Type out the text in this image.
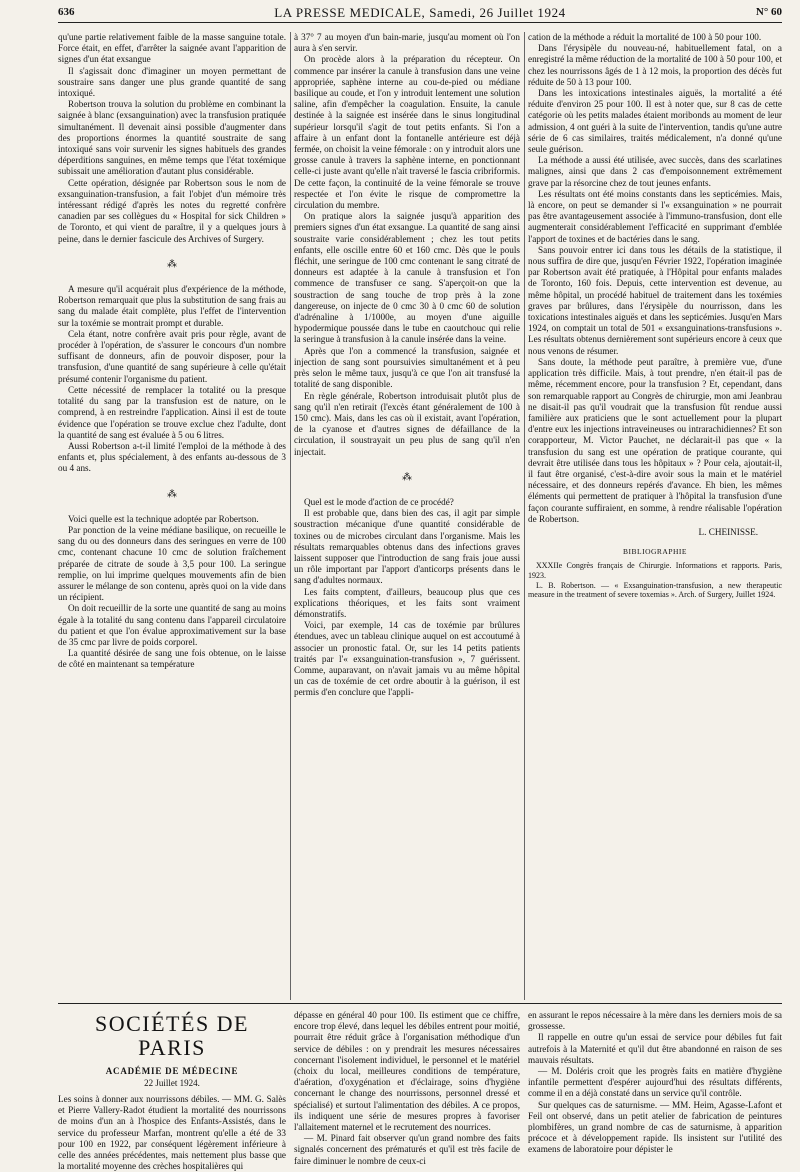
636	LA PRESSE MEDICALE, Samedi, 26 Juillet 1924	N° 60

qu'une partie relativement faible de la masse sanguine totale. Force était, en effet, d'arrêter la saignée avant l'apparition de signes d'un état exsangue

Il s'agissait donc d'imaginer un moyen permettant de soustraire sans danger une plus grande quantité de sang intoxiqué.

Robertson trouva la solution du problème en combinant la saignée à blanc (exsanguination) avec la transfusion pratiquée simultanément. Il devenait ainsi possible d'augmenter dans des proportions énormes la quantité soustraite de sang intoxiqué sans voir survenir les signes habituels des grandes déperditions sanguines, en même temps que l'état toxémique subissait une amélioration d'autant plus considérable.

Cette opération, désignée par Robertson sous le nom de exsanguination-transfusion, a fait l'objet d'un mémoire très intéressant rédigé d'après les notes du regretté confrère canadien par ses collègues du « Hospital for sick Children » de Toronto, et qui vient de paraître, il y a quelques jours à peine, dans le dernier fascicule des Archives of Surgery.

⁂

A mesure qu'il acquérait plus d'expérience de la méthode, Robertson remarquait que plus la substitution de sang frais au sang du malade était complète, plus l'effet de l'intervention sur la toxémie se montrait prompt et durable.

Cela étant, notre confrère avait pris pour règle, avant de procéder à l'opération, de s'assurer le concours d'un nombre suffisant de donneurs, afin de pouvoir disposer, pour la transfusion, d'une quantité de sang supérieure à celle qu'était présumé contenir l'organisme du patient.

Cette nécessité de remplacer la totalité ou la presque totalité du sang par la transfusion est de nature, on le comprend, à en restreindre l'application. Ainsi il est de toute évidence que l'opération se trouve exclue chez l'adulte, dont la quantité de sang est évaluée à 5 ou 6 litres.

Aussi Robertson a-t-il limité l'emploi de la méthode à des enfants et, plus spécialement, à des enfants au-dessous de 3 ou 4 ans.

⁂

Voici quelle est la technique adoptée par Robertson.

Par ponction de la veine médiane basilique, on recueille le sang du ou des donneurs dans des seringues en verre de 100 cmc, contenant chacune 10 cmc de solution fraîchement préparée de citrate de soude à 3,5 pour 100. La seringue remplie, on lui imprime quelques mouvements afin de bien assurer le mélange de son contenu, après quoi on la vide dans un récipient.

On doit recueillir de la sorte une quantité de sang au moins égale à la totalité du sang contenu dans l'appareil circulatoire du patient et que l'on évalue approximativement sur la base de 35 cmc par livre de poids corporel.

La quantité désirée de sang une fois obtenue, on le laisse de côté en maintenant sa température

à 37° 7 au moyen d'un bain-marie, jusqu'au moment où l'on aura à s'en servir.

On procède alors à la préparation du récepteur. On commence par insérer la canule à transfusion dans une veine appropriée, saphène interne au cou-de-pied ou médiane basilique au coude, et l'on y introduit lentement une solution saline, afin d'empêcher la coagulation. Ensuite, la canule destinée à la saignée est insérée dans le sinus longitudinal supérieur lorsqu'il s'agit de tout petits enfants. Si l'on a affaire à un enfant dont la fontanelle antérieure est déjà fermée, on choisit la veine fémorale : on y introduit alors une grosse canule à travers la saphène interne, en ponctionnant celle-ci juste avant qu'elle n'ait traversé le fascia cribriformis. De cette façon, la continuité de la veine fémorale se trouve respectée et l'on évite le risque de compromettre la circulation du membre.

On pratique alors la saignée jusqu'à apparition des premiers signes d'un état exsangue. La quantité de sang ainsi soustraite varie considérablement ; chez les tout petits enfants, elle oscille entre 60 et 160 cmc. Dès que le pouls fléchit, une seringue de 100 cmc contenant le sang citraté de donneurs est adaptée à la canule à transfusion et l'on commence de transfuser ce sang. S'aperçoit-on que la soustraction de sang touche de trop près à la zone dangereuse, on injecte de 0 cmc 30 à 0 cmc 60 de solution d'adrénaline à 1/1000e, au moyen d'une aiguille hypodermique poussée dans le tube en caoutchouc qui relie la seringue à transfusion à la canule insérée dans la veine.

Après que l'on a commencé la transfusion, saignée et injection de sang sont poursuivies simultanément et à peu près selon le même taux, jusqu'à ce que l'on ait transfusé la totalité de sang disponible.

En règle générale, Robertson introduisait plutôt plus de sang qu'il n'en retirait (l'excès étant généralement de 100 à 150 cmc). Mais, dans les cas où il existait, avant l'opération, de la cyanose et d'autres signes de défaillance de la circulation, il soustrayait un peu plus de sang qu'il n'en injectait.

⁂

Quel est le mode d'action de ce procédé?

Il est probable que, dans bien des cas, il agit par simple soustraction mécanique d'une quantité considérable de toxines ou de microbes circulant dans l'organisme. Mais les résultats remarquables obtenus dans des infections graves laissent supposer que l'introduction de sang frais joue aussi un rôle important par l'apport d'anticorps présents dans le sang d'adultes normaux.

Les faits comptent, d'ailleurs, beaucoup plus que ces explications théoriques, et les faits sont vraiment démonstratifs.

Voici, par exemple, 14 cas de toxémie par brûlures étendues, avec un tableau clinique auquel on est accoutumé à associer un pronostic fatal. Or, sur les 14 petits patients traités par l'« exsanguination-transfusion », 7 guérissent. Comme, auparavant, on n'avait jamais vu au même hôpital un cas de toxémie de cet ordre aboutir à la guérison, il est permis d'en conclure que l'appli-

cation de la méthode a réduit la mortalité de 100 à 50 pour 100.

Dans l'érysipèle du nouveau-né, habituellement fatal, on a enregistré la même réduction de la mortalité de 100 à 50 pour 100, et chez les nourrissons âgés de 1 à 12 mois, la proportion des décès fut réduite de 50 à 13 pour 100.

Dans les intoxications intestinales aiguës, la mortalité a été réduite d'environ 25 pour 100. Il est à noter que, sur 8 cas de cette catégorie où les petits malades étaient moribonds au moment de leur admission, 4 ont guéri à la suite de l'intervention, tandis qu'une autre série de 6 cas similaires, traités médicalement, n'a donné qu'une seule guérison.

La méthode a aussi été utilisée, avec succès, dans des scarlatines malignes, ainsi que dans 2 cas d'empoisonnement extrêmement grave par la résorcine chez de tout jeunes enfants.

Les résultats ont été moins constants dans les septicémies. Mais, là encore, on peut se demander si l'« exsanguination » ne pourrait pas être avantageusement associée à l'immuno-transfusion, dont elle augmenterait considérablement l'efficacité en supprimant d'emblée l'apport de toxines et de bactéries dans le sang.

Sans pouvoir entrer ici dans tous les détails de la statistique, il nous suffira de dire que, jusqu'en Février 1922, l'opération imaginée par Robertson avait été pratiquée, à l'Hôpital pour enfants malades de Toronto, 160 fois. Depuis, cette intervention est devenue, au même hôpital, un procédé habituel de traitement dans les toxémies graves par brûlures, dans l'érysipèle du nourrisson, dans les toxications intestinales aiguës et dans les septicémies. Jusqu'en Mars 1924, on comptait un total de 501 « exsanguinations-transfusions ». Les résultats obtenus dernièrement sont supérieurs encore à ceux que nous venons de résumer.

Sans doute, la méthode peut paraître, à première vue, d'une application très difficile. Mais, à tout prendre, n'en était-il pas de même, récemment encore, pour la transfusion ? Et, cependant, dans son remarquable rapport au Congrès de chirurgie, mon ami Jeanbrau ne disait-il pas qu'il voudrait que la transfusion fût rendue aussi familière aux praticiens que le sont actuellement pour la plupart d'entre eux les injections intraveineuses ou intrarachidiennes? Et son corapporteur, M. Victor Pauchet, ne déclarait-il pas que « la transfusion du sang est une opération de pratique courante, qui devrait être utilisée dans tous les hôpitaux » ? Pour cela, ajoutait-il, il faut être organisé, c'est-à-dire avoir sous la main et le matériel nécessaire, et des donneurs repérés d'avance. Eh bien, les mêmes éléments qui permettent de pratiquer à l'hôpital la transfusion d'une façon courante suffiraient, en somme, à rendre réalisable l'opération de Robertson.

L. CHEINISSE.
BIBLIOGRAPHIE

XXXIIe Congrès français de Chirurgie. Informations et rapports. Paris, 1923.

L. B. Robertson. — « Exsanguination-transfusion, a new therapeutic measure in the treatment of severe toxemias ». Arch. of Surgery, Juillet 1924.

SOCIÉTÉS DE PARIS
ACADÉMIE DE MÉDECINE
22 Juillet 1924.

Les soins à donner aux nourrissons débiles. — MM. G. Salès et Pierre Vallery-Radot étudient la mortalité des nourrissons de moins d'un an à l'hospice des Enfants-Assistés, dans le service du professeur Marfan, montrent qu'elle a été de 33 pour 100 en 1922, par conséquent légèrement inférieure à celle des années précédentes, mais nettement plus basse que la mortalité moyenne des crèches hospitalières qui

dépasse en général 40 pour 100. Ils estiment que ce chiffre, encore trop élevé, dans lequel les débiles entrent pour moitié, pourrait être réduit grâce à l'organisation méthodique d'un service de débiles : on y prendrait les mesures nécessaires concernant l'isolement individuel, le personnel et le matériel (choix du local, meilleures conditions de température, d'aération, d'oxygénation et d'éclairage, soins d'hygiène concernant le change des nourrissons, personnel dressé et spécialisé) et surtout l'alimentation des débiles. A ce propos, ils indiquent une série de mesures propres à favoriser l'allaitement maternel et le recrutement des nourrices.

— M. Pinard fait observer qu'un grand nombre des faits signalés concernent des prématurés et qu'il est très facile de faire diminuer le nombre de ceux-ci

en assurant le repos nécessaire à la mère dans les derniers mois de sa grossesse.

Il rappelle en outre qu'un essai de service pour débiles fut fait autrefois à la Maternité et qu'il dut être abandonné en raison de ses mauvais résultats.

— M. Doléris croit que les progrès faits en matière d'hygiène infantile permettent d'espérer aujourd'hui des résultats différents, comme il en a déjà constaté dans un service qu'il contrôle.

Sur quelques cas de saturnisme. — MM. Heim, Agasse-Lafont et Feil ont observé, dans un petit atelier de fabrication de peintures plombifères, un grand nombre de cas de saturnisme, à apparition précoce et à développement rapide. Ils insistent sur l'utilité des examens de laboratoire pour dépister le
